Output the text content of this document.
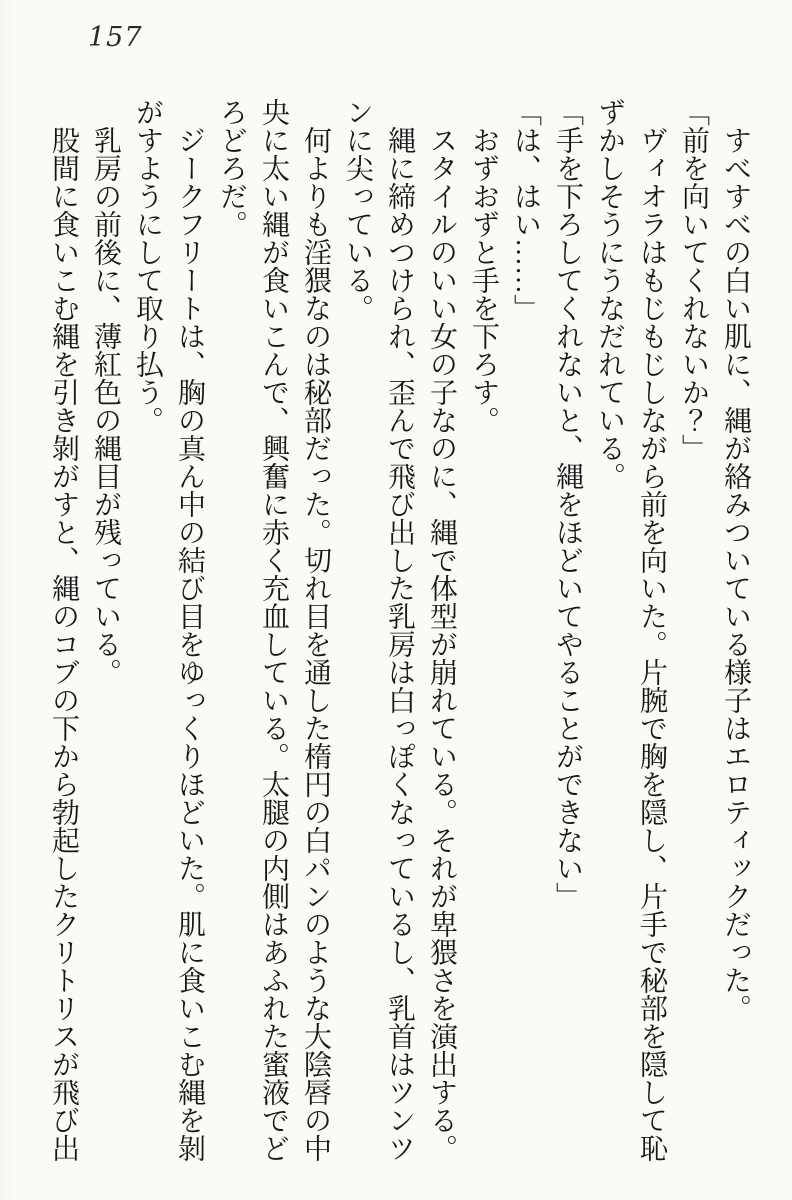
157

すべすべの白い肌に、縄が絡みついている様子はエロティックだった。

「前を向いてくれないか？」

ヴィオラはもじもじしながら前を向いた。片腕で胸を隠し、片手で秘部を隠して恥ずかしそうにうなだれている。

「手を下ろしてくれないと、縄をほどいてやることができない」

「は、はい……」

おずおずと手を下ろす。

スタイルのいい女の子なのに、縄で体型が崩れている。それが卑猥さを演出する。

縄に締めつけられ、歪んで飛び出した乳房は白っぽくなっているし、乳首はツンツンに尖っている。

何よりも淫猥なのは秘部だった。切れ目を通した楕円の白パンのような大陰唇の中央に太い縄が食いこんで、興奮に赤く充血している。太腿の内側はあふれた蜜液でどろどろだ。

ジークフリートは、胸の真ん中の結び目をゆっくりほどいた。肌に食いこむ縄を剝がすようにして取り払う。

乳房の前後に、薄紅色の縄目が残っている。

股間に食いこむ縄を引き剝がすと、縄のコブの下から勃起したクリトリスが飛び出
